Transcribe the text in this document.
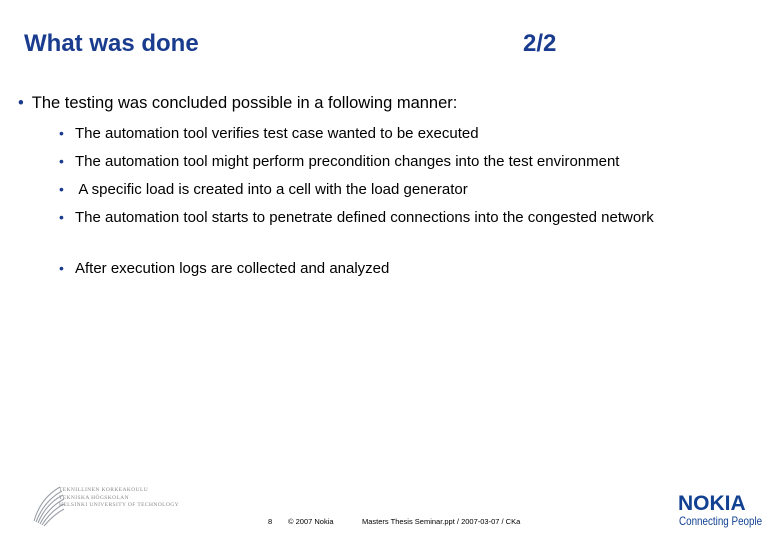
What was done	2/2
• The testing was concluded possible in a following manner:
• The automation tool verifies test case wanted to be executed
• The automation tool might perform precondition changes into the test environment
• A specific load is created into a cell with the load generator
• The automation tool starts to penetrate defined connections into the congested network
• After execution logs are collected and analyzed
TEKNILLINEN KORKEAKOULU
TEKNISKA HÖGSKOLAN
HELSINKI UNIVERSITY OF TECHNOLOGY
8 © 2007 Nokia	Masters Thesis Seminar.ppt / 2007-03-07 / CKa
NOKIA
Connecting People
